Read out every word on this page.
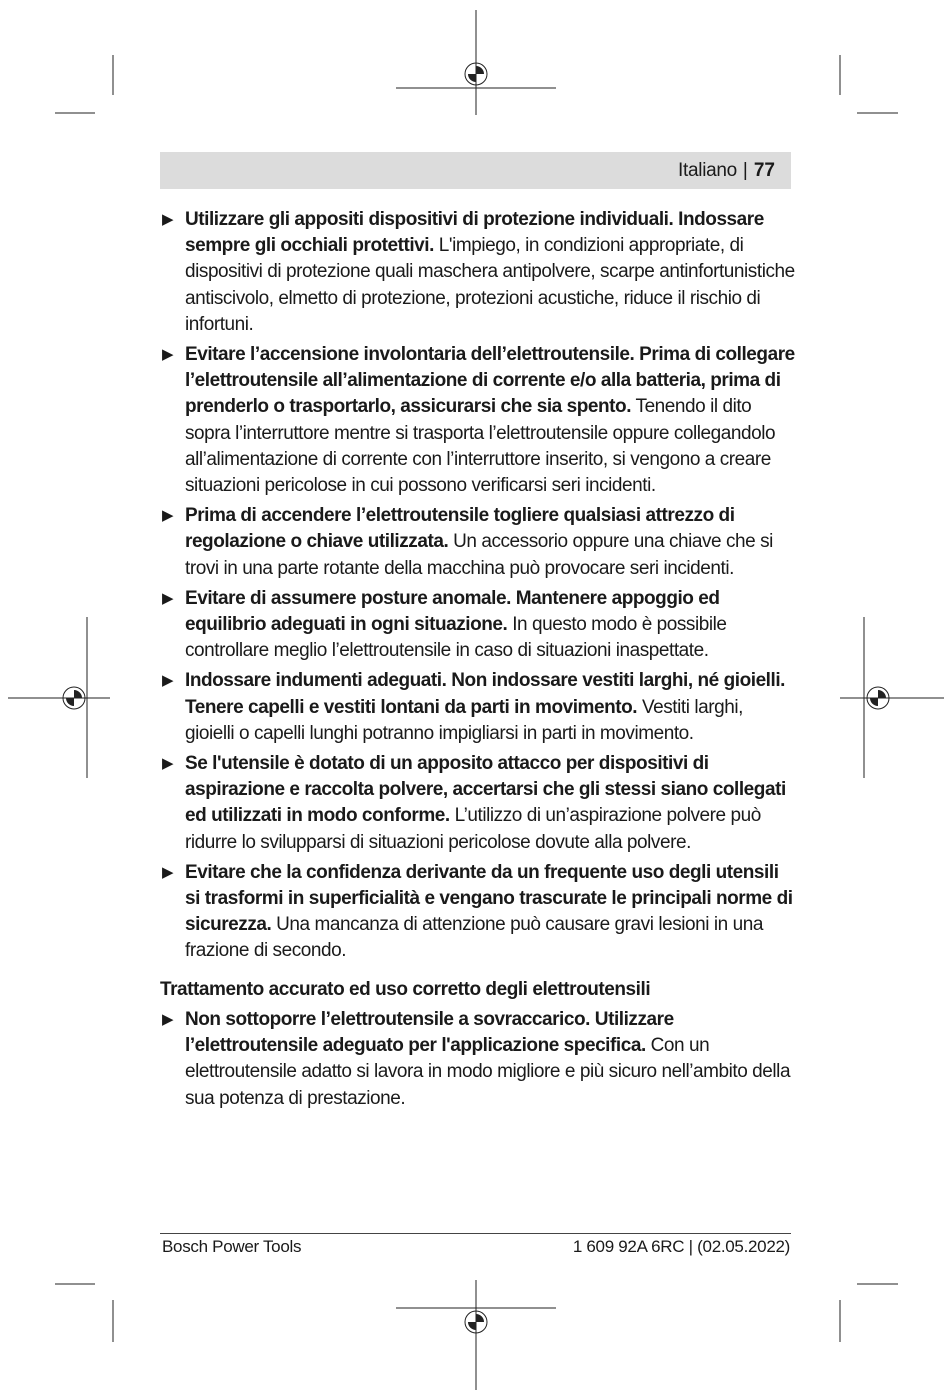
Italiano | 77
▶ Utilizzare gli appositi dispositivi di protezione individuali. Indossare sempre gli occhiali protettivi. L'impiego, in condizioni appropriate, di dispositivi di protezione quali maschera antipolvere, scarpe antinfortunistiche antiscivolo, elmetto di protezione, protezioni acustiche, riduce il rischio di infortuni.
▶ Evitare l’accensione involontaria dell’elettroutensile. Prima di collegare l’elettroutensile all’alimentazione di corrente e/o alla batteria, prima di prenderlo o trasportarlo, assicurarsi che sia spento. Tenendo il dito sopra l’interruttore mentre si trasporta l’elettroutensile oppure collegandolo all’alimentazione di corrente con l’interruttore inserito, si vengono a creare situazioni pericolose in cui possono verificarsi seri incidenti.
▶ Prima di accendere l’elettroutensile togliere qualsiasi attrezzo di regolazione o chiave utilizzata. Un accessorio oppure una chiave che si trovi in una parte rotante della macchina può provocare seri incidenti.
▶ Evitare di assumere posture anomale. Mantenere appoggio ed equilibrio adeguati in ogni situazione. In questo modo è possibile controllare meglio l’elettroutensile in caso di situazioni inaspettate.
▶ Indossare indumenti adeguati. Non indossare vestiti larghi, né gioielli. Tenere capelli e vestiti lontani da parti in movimento. Vestiti larghi, gioielli o capelli lunghi potranno impigliarsi in parti in movimento.
▶ Se l'utensile è dotato di un apposito attacco per dispositivi di aspirazione e raccolta polvere, accertarsi che gli stessi siano collegati ed utilizzati in modo conforme. L’utilizzo di un’aspirazione polvere può ridurre lo svilupparsi di situazioni pericolose dovute alla polvere.
▶ Evitare che la confidenza derivante da un frequente uso degli utensili si trasformi in superficialità e vengano trascurate le principali norme di sicurezza. Una mancanza di attenzione può causare gravi lesioni in una frazione di secondo.
Trattamento accurato ed uso corretto degli elettroutensili
▶ Non sottoporre l’elettroutensile a sovraccarico. Utilizzare l’elettroutensile adeguato per l'applicazione specifica. Con un elettroutensile adatto si lavora in modo migliore e più sicuro nell’ambito della sua potenza di prestazione.
Bosch Power Tools	1 609 92A 6RC | (02.05.2022)
